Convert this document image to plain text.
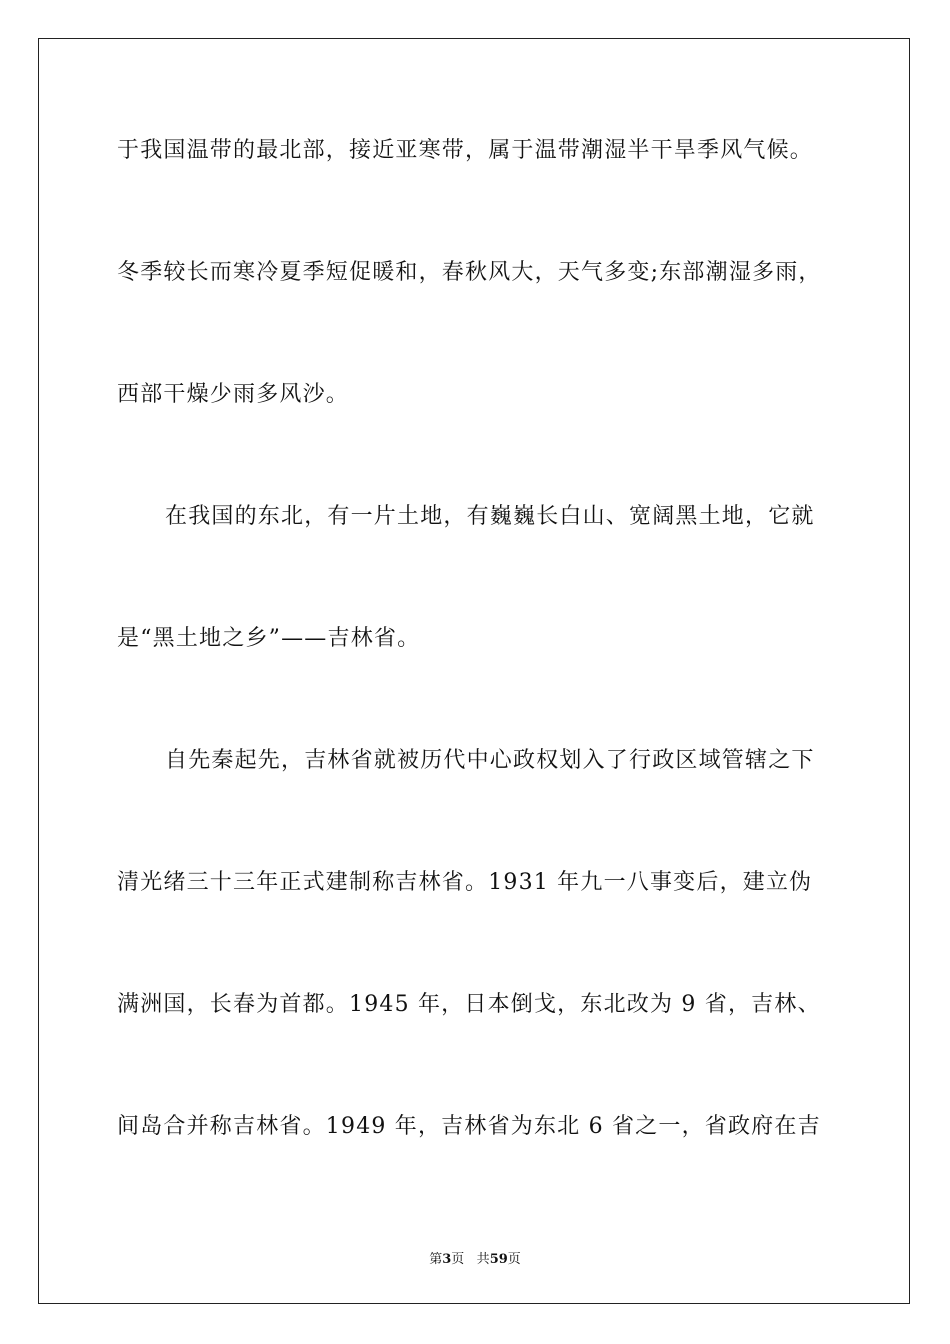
于我国温带的最北部，接近亚寒带，属于温带潮湿半干旱季风气候。
冬季较长而寒冷夏季短促暖和，春秋风大，天气多变;东部潮湿多雨，
西部干燥少雨多风沙。
在我国的东北，有一片土地，有巍巍长白山、宽阔黑土地，它就
是“黑土地之乡”——吉林省。
自先秦起先，吉林省就被历代中心政权划入了行政区域管辖之下
清光绪三十三年正式建制称吉林省。1931 年九一八事变后，建立伪
满洲国，长春为首都。1945 年，日本倒戈，东北改为 9 省，吉林、
间岛合并称吉林省。1949 年，吉林省为东北 6 省之一，省政府在吉
第3页 共59页
